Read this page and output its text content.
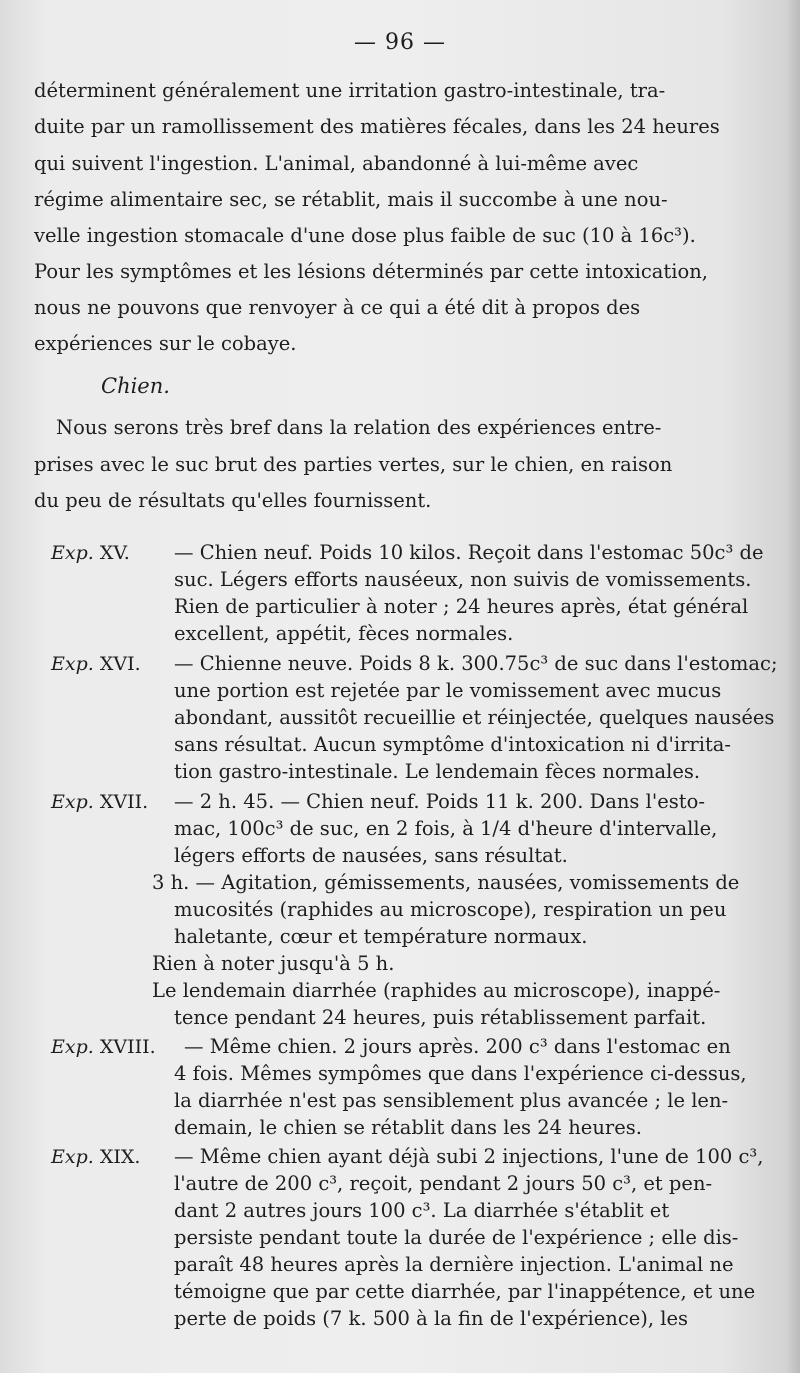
— 96 —
déterminent généralement une irritation gastro-intestinale, tra-
duite par un ramollissement des matières fécales, dans les 24 heures
qui suivent l'ingestion. L'animal, abandonné à lui-même avec
régime alimentaire sec, se rétablit, mais il succombe à une nou-
velle ingestion stomacale d'une dose plus faible de suc (10 à 16c³).
Pour les symptômes et les lésions déterminés par cette intoxication,
nous ne pouvons que renvoyer à ce qui a été dit à propos des
expériences sur le cobaye.
Chien.
Nous serons très bref dans la relation des expériences entre-
prises avec le suc brut des parties vertes, sur le chien, en raison
du peu de résultats qu'elles fournissent.
Exp. XV. — Chien neuf. Poids 10 kilos. Reçoit dans l'estomac 50c³ de
suc. Légers efforts nauséeux, non suivis de vomissements.
Rien de particulier à noter ; 24 heures après, état général
excellent, appétit, fèces normales.
Exp. XVI. — Chienne neuve. Poids 8 k. 300.75c³ de suc dans l'estomac;
une portion est rejetée par le vomissement avec mucus
abondant, aussitôt recueillie et réinjectée, quelques nausées
sans résultat. Aucun symptôme d'intoxication ni d'irrita-
tion gastro-intestinale. Le lendemain fèces normales.
Exp. XVII. — 2 h. 45. — Chien neuf. Poids 11 k. 200. Dans l'esto-
mac, 100c³ de suc, en 2 fois, à 1/4 d'heure d'intervalle,
légers efforts de nausées, sans résultat.
3 h. — Agitation, gémissements, nausées, vomissements de
mucosités (raphides au microscope), respiration un peu
haletante, cœur et température normaux.
Rien à noter jusqu'à 5 h.
Le lendemain diarrhée (raphides au microscope), inappé-
tence pendant 24 heures, puis rétablissement parfait.
Exp. XVIII. — Même chien. 2 jours après. 200 c³ dans l'estomac en
4 fois. Mêmes sympômes que dans l'expérience ci-dessus,
la diarrhée n'est pas sensiblement plus avancée ; le len-
demain, le chien se rétablit dans les 24 heures.
Exp. XIX. — Même chien ayant déjà subi 2 injections, l'une de 100 c³,
l'autre de 200 c³, reçoit, pendant 2 jours 50 c³, et pen-
dant 2 autres jours 100 c³. La diarrhée s'établit et
persiste pendant toute la durée de l'expérience ; elle dis-
paraît 48 heures après la dernière injection. L'animal ne
témoigne que par cette diarrhée, par l'inappétence, et une
perte de poids (7 k. 500 à la fin de l'expérience), les
